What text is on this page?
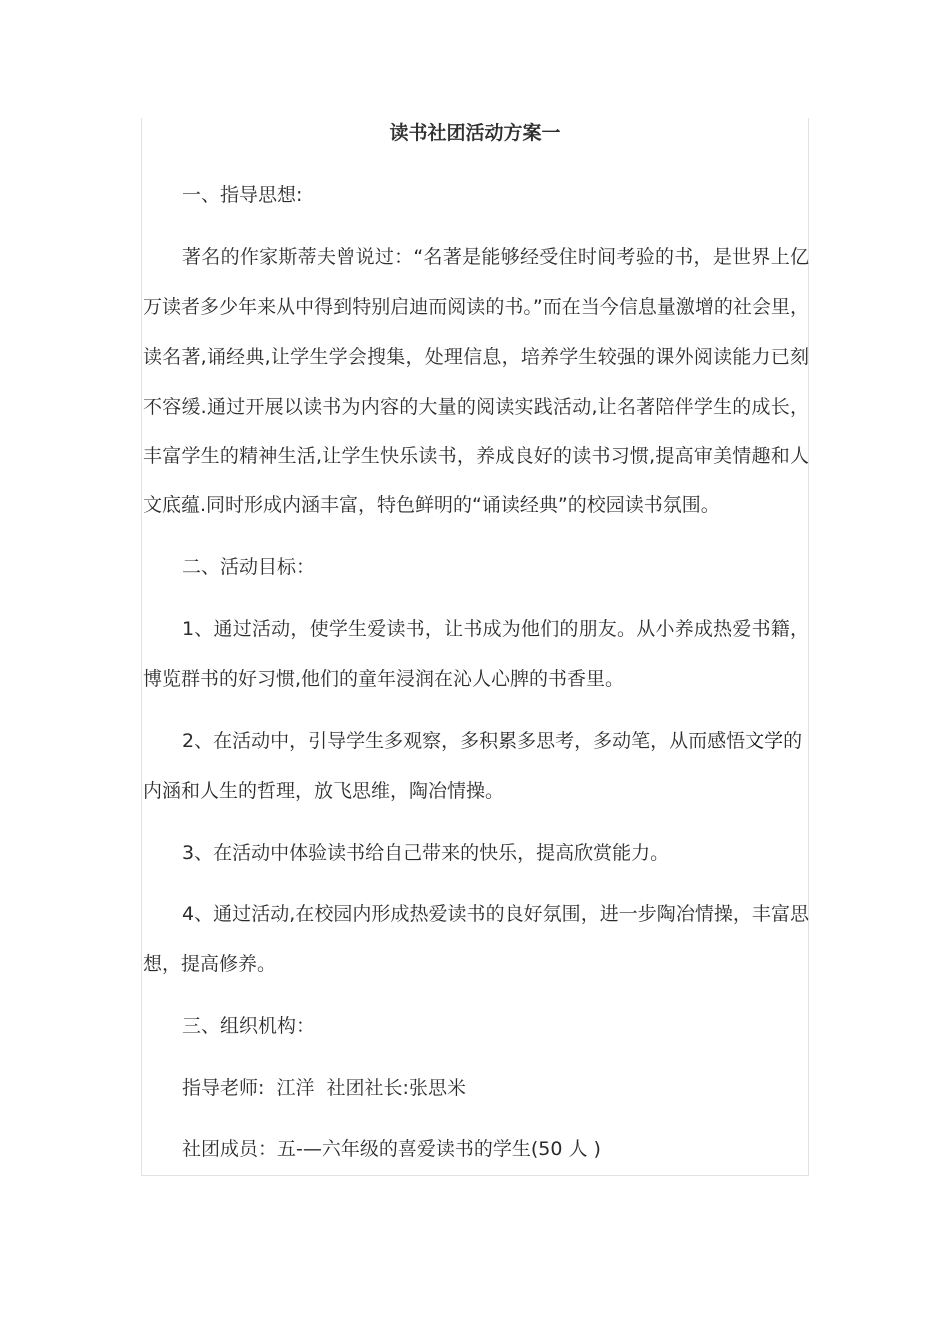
读书社团活动方案一
一、指导思想:
著名的作家斯蒂夫曾说过：“名著是能够经受住时间考验的书，是世界上亿
万读者多少年来从中得到特别启迪而阅读的书。”而在当今信息量激增的社会里，
读名著,诵经典,让学生学会搜集，处理信息，培养学生较强的课外阅读能力已刻
不容缓.通过开展以读书为内容的大量的阅读实践活动,让名著陪伴学生的成长，
丰富学生的精神生活,让学生快乐读书，养成良好的读书习惯,提高审美情趣和人
文底蕴.同时形成内涵丰富，特色鲜明的“诵读经典”的校园读书氛围。
二、活动目标：
1、通过活动，使学生爱读书，让书成为他们的朋友。从小养成热爱书籍，
博览群书的好习惯,他们的童年浸润在沁人心脾的书香里。
2、在活动中，引导学生多观察，多积累多思考，多动笔，从而感悟文学的
内涵和人生的哲理，放飞思维，陶冶情操。
3、在活动中体验读书给自己带来的快乐，提高欣赏能力。
4、通过活动,在校园内形成热爱读书的良好氛围，进一步陶冶情操，丰富思
想，提高修养。
三、组织机构：
指导老师:  江洋  社团社长:张思米
社团成员：五-—六年级的喜爱读书的学生(50 人 )
